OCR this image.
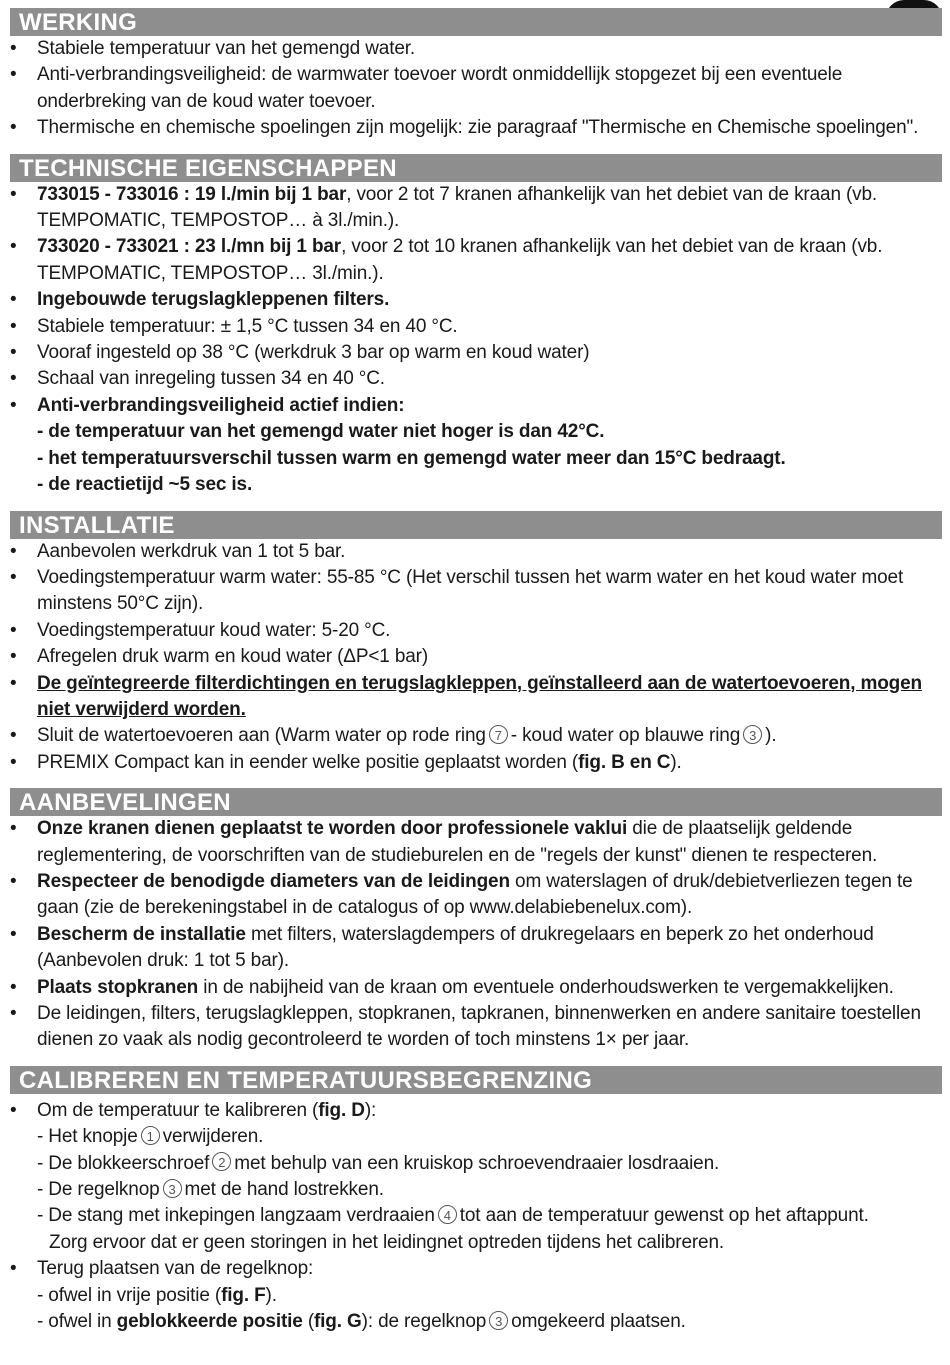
WERKING
• Stabiele temperatuur van het gemengd water.
• Anti-verbrandingsveiligheid: de warmwater toevoer wordt onmiddellijk stopgezet bij een eventuele onderbreking van de koud water toevoer.
• Thermische en chemische spoelingen zijn mogelijk: zie paragraaf "Thermische en Chemische spoelingen".
TECHNISCHE EIGENSCHAPPEN
• 733015 - 733016 : 19 l./min bij 1 bar, voor 2 tot 7 kranen afhankelijk van het debiet van de kraan (vb. TEMPOMATIC, TEMPOSTOP… à 3l./min.).
• 733020 - 733021 : 23 l./mn bij 1 bar, voor 2 tot 10 kranen afhankelijk van het debiet van de kraan (vb. TEMPOMATIC, TEMPOSTOP… 3l./min.).
• Ingebouwde terugslagkleppenen filters.
• Stabiele temperatuur: ± 1,5 °C tussen 34 en 40 °C.
• Vooraf ingesteld op 38 °C (werkdruk 3 bar op warm en koud water)
• Schaal van inregeling tussen 34 en 40 °C.
• Anti-verbrandingsveiligheid actief indien:
- de temperatuur van het gemengd water niet hoger is dan 42°C.
- het temperatuursverschil tussen warm en gemengd water meer dan 15°C bedraagt.
- de reactietijd ~5 sec is.
INSTALLATIE
• Aanbevolen werkdruk van 1 tot 5 bar.
• Voedingstemperatuur warm water: 55-85 °C (Het verschil tussen het warm water en het koud water moet minstens 50°C zijn).
• Voedingstemperatuur koud water: 5-20 °C.
• Afregelen druk warm en koud water (ΔP<1 bar)
• De geïntegreerde filterdichtingen en terugslagkleppen, geïnstalleerd aan de watertoevoeren, mogen niet verwijderd worden.
• Sluit de watertoevoeren aan (Warm water op rode ring 7 - koud water op blauwe ring 3 ).
• PREMIX Compact kan in eender welke positie geplaatst worden (fig. B en C).
AANBEVELINGEN
• Onze kranen dienen geplaatst te worden door professionele vaklui die de plaatselijk geldende reglementering, de voorschriften van de studieburelen en de "regels der kunst" dienen te respecteren.
• Respecteer de benodigde diameters van de leidingen om waterslagen of druk/debietverliezen tegen te gaan (zie de berekeningstabel in de catalogus of op www.delabiebenelux.com).
• Bescherm de installatie met filters, waterslagdempers of drukregelaars en beperk zo het onderhoud (Aanbevolen druk: 1 tot 5 bar).
• Plaats stopkranen in de nabijheid van de kraan om eventuele onderhoudswerken te vergemakkelijken.
• De leidingen, filters, terugslagkleppen, stopkranen, tapkranen, binnenwerken en andere sanitaire toestellen dienen zo vaak als nodig gecontroleerd te worden of toch minstens 1× per jaar.
CALIBREREN EN TEMPERATUURSBEGRENZING
• Om de temperatuur te kalibreren (fig. D):
- Het knopje 1 verwijderen.
- De blokkeerschroef 2 met behulp van een kruiskop schroevendraaier losdraaien.
- De regelknop 3 met de hand lostrekken.
- De stang met inkepingen langzaam verdraaien 4 tot aan de temperatuur gewenst op het aftappunt.
Zorg ervoor dat er geen storingen in het leidingnet optreden tijdens het calibreren.
• Terug plaatsen van de regelknop:
- ofwel in vrije positie (fig. F).
- ofwel in geblokkeerde positie (fig. G): de regelknop 3 omgekeerd plaatsen.
